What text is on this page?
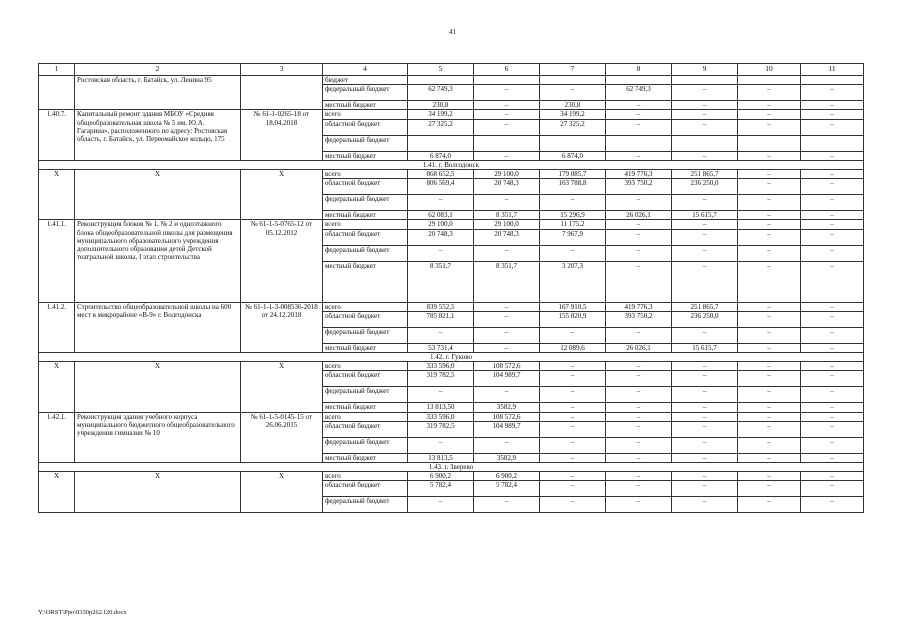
41
1	2	3	4	5	6	7	8	9	10	11
	Ростовская область, г. Батайск, ул. Ленина 95		бюджет							
			федеральный бюджет	62 749,3	–	–	62 749,3	–	–	–
			местный бюджет	230,8	–	230,8	–	–	–	–
1.40.7.	Капитальный ремонт здания МБОУ «Средняя общеобразовательная школа № 5 им. Ю.А. Гагарина», расположенного по адресу: Ростовская область, г. Батайск, ул. Первомайское кольцо, 175	№ 61-1-0265-18 от 18.04.2018	всего	34 199,2	–	34 199,2	–	–	–	–
			областной бюджет	27 325,2	–	27 325,2	–	–	–	–
			федеральный бюджет							
			местный бюджет	6 874,0	–	6 874,0	–	–	–	–
1.41. г. Волгодонск										
X	X	X	всего	868 652,5	29 100,0	179 085,7	419 776,3	251 865,7	–	–
			областной бюджет	806 569,4	20 748,3	163 788,8	393 750,2	236 250,0	–	–
			федеральный бюджет	–	–	–	–	–	–	–
			местный бюджет	62 083,1	8 351,7	15 296,9	26 026,1	15 615,7	–	–
1.41.1.	Реконструкция блоков № 1, № 2 и одноэтажного блока общеобразовательной школы для размещения муниципального образовательного учреждения дополнительного образования детей Детской театральной школы, I этап строительства	№ 61-1-5-0765-12 от 05.12.2012	всего	29 100,0	29 100,0	11 175,2	–	–	–	–
			областной бюджет	20 748,3	20 748,3	7 967,9	–	–	–	–
			федеральный бюджет	–	–	–	–	–	–	–
			местный бюджет	8 351,7	8 351,7	3 207,3	–	–	–	–
1.41.2.	Строительство общеобразовательной школы на 600 мест в микрорайоне «В-9» г. Волгодонска	№ 61-1-1-3-008536-2018 от 24.12.2018	всего	839 552,5	–	167 910,5	419 776,3	251 865,7	–	–
			областной бюджет	785 821,1	–	155 820,9	393 750,2	236 250,0	–	–
			федеральный бюджет	–	–	–	–	–	–	–
			местный бюджет	53 731,4	–	12 089,6	26 026,1	15 615,7	–	–
1.42. г. Гуково										
X	X	X	всего	333 596,0	108 572,6	–	–	–	–	–
			областной бюджет	319 782,5	104 989,7	–	–	–	–	–
			федеральный бюджет	–	–	–	–	–	–	–
			местный бюджет	13 813,50	3582,9	–	–	–	–	–
1.42.1.	Реконструкция здания учебного корпуса муниципального бюджетного общеобразовательного учреждения гимназии № 10	№ 61-1-5-0145-15 от 26.06.2015	всего	333 596,0	108 572,6	–	–	–	–	–
			областной бюджет	319 782,5	104 989,7	–	–	–	–	–
			федеральный бюджет	–	–	–	–	–	–	–
			местный бюджет	13 813,5	3582,9	–	–	–	–	–
1.43. г. Зверево										
X	X	X	всего	6 900,2	6 900,2	–	–	–	–	–
			областной бюджет	5 782,4	5 782,4	–	–	–	–	–
			федеральный бюджет	–	–	–	–	–	–	–
Y:\ORST\Ppo\0330p262.f20.docx
